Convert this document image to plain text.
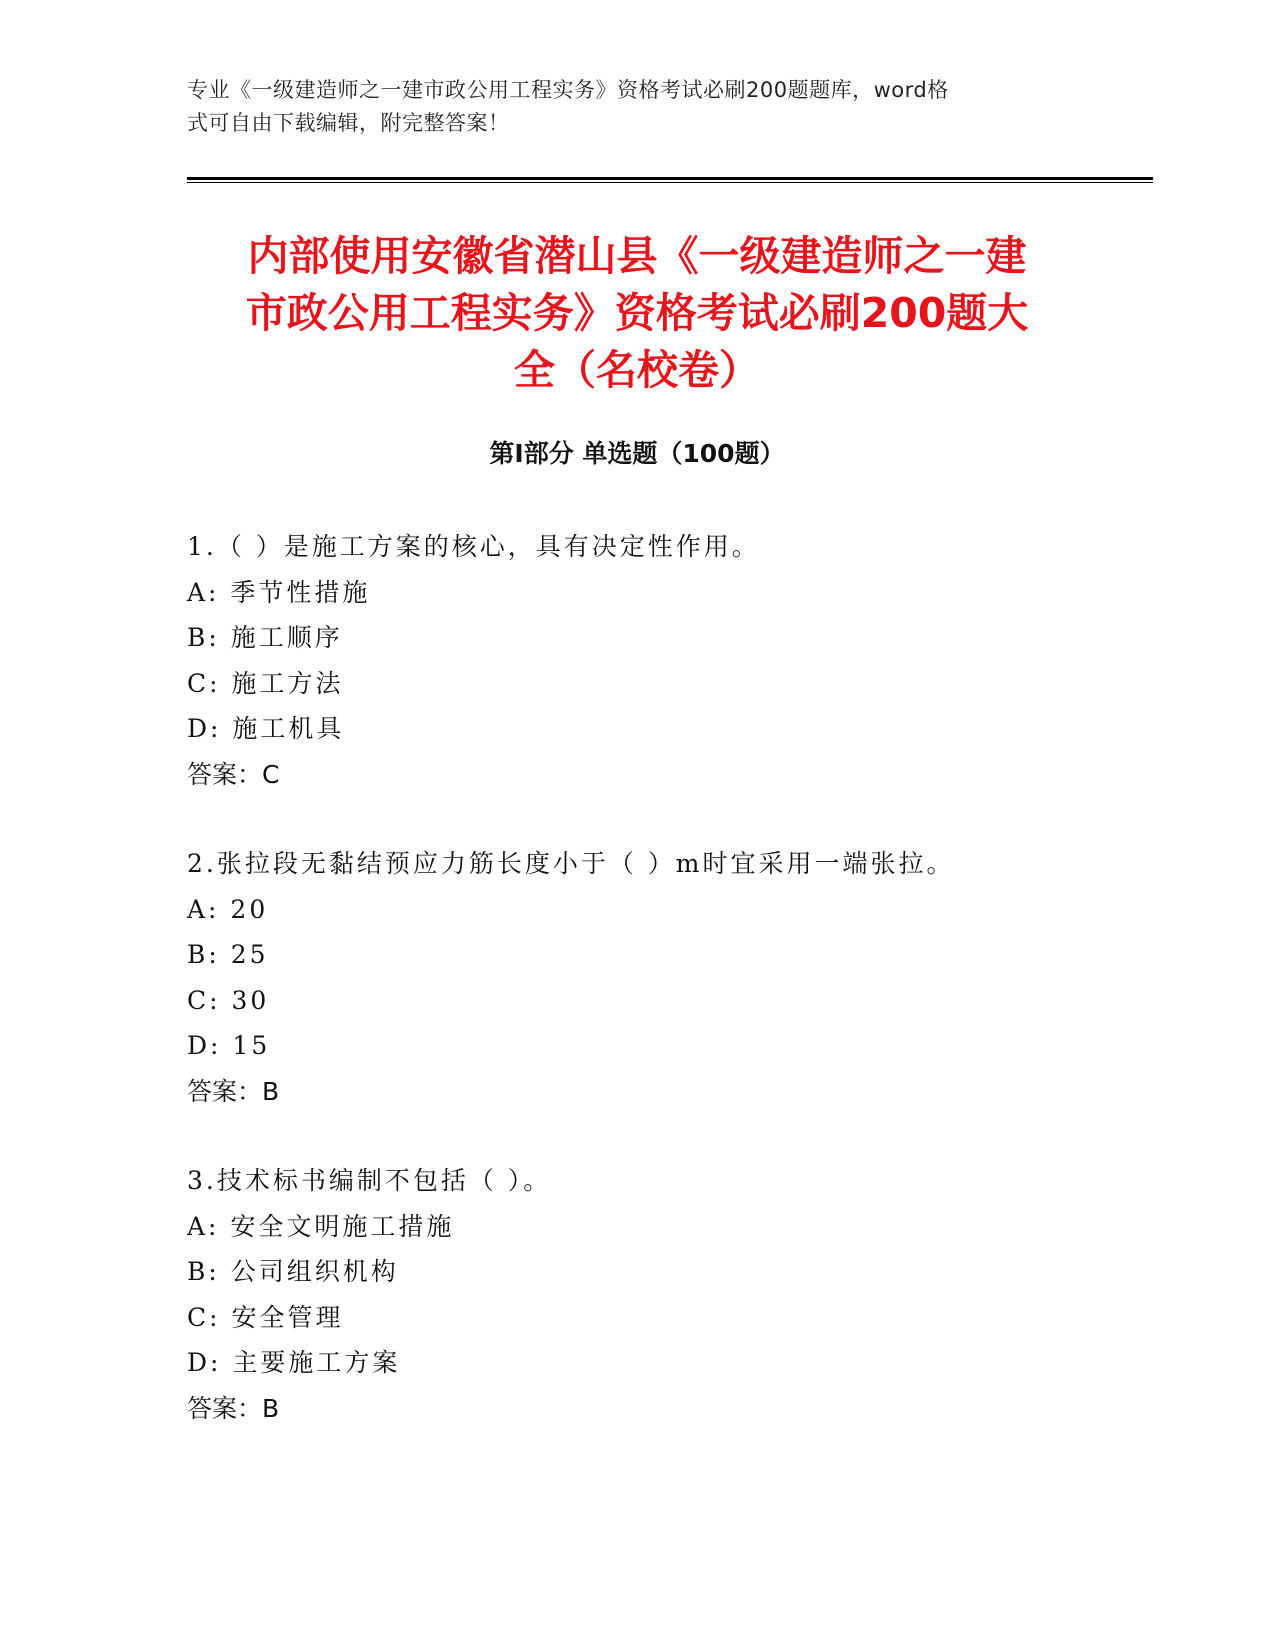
专业《一级建造师之一建市政公用工程实务》资格考试必刷200题题库，word格
式可自由下载编辑，附完整答案！
内部使用安徽省潜山县《一级建造师之一建
市政公用工程实务》资格考试必刷200题大
全（名校卷）
第Ⅰ部分 单选题（100题）
1.（ ）是施工方案的核心，具有决定性作用。
A: 季节性措施
B: 施工顺序
C: 施工方法
D: 施工机具
答案：C
2.张拉段无黏结预应力筋长度小于（ ）m时宜采用一端张拉。
A: 20
B: 25
C: 30
D: 15
答案：B
3.技术标书编制不包括（ ）。
A: 安全文明施工措施
B: 公司组织机构
C: 安全管理
D: 主要施工方案
答案：B
